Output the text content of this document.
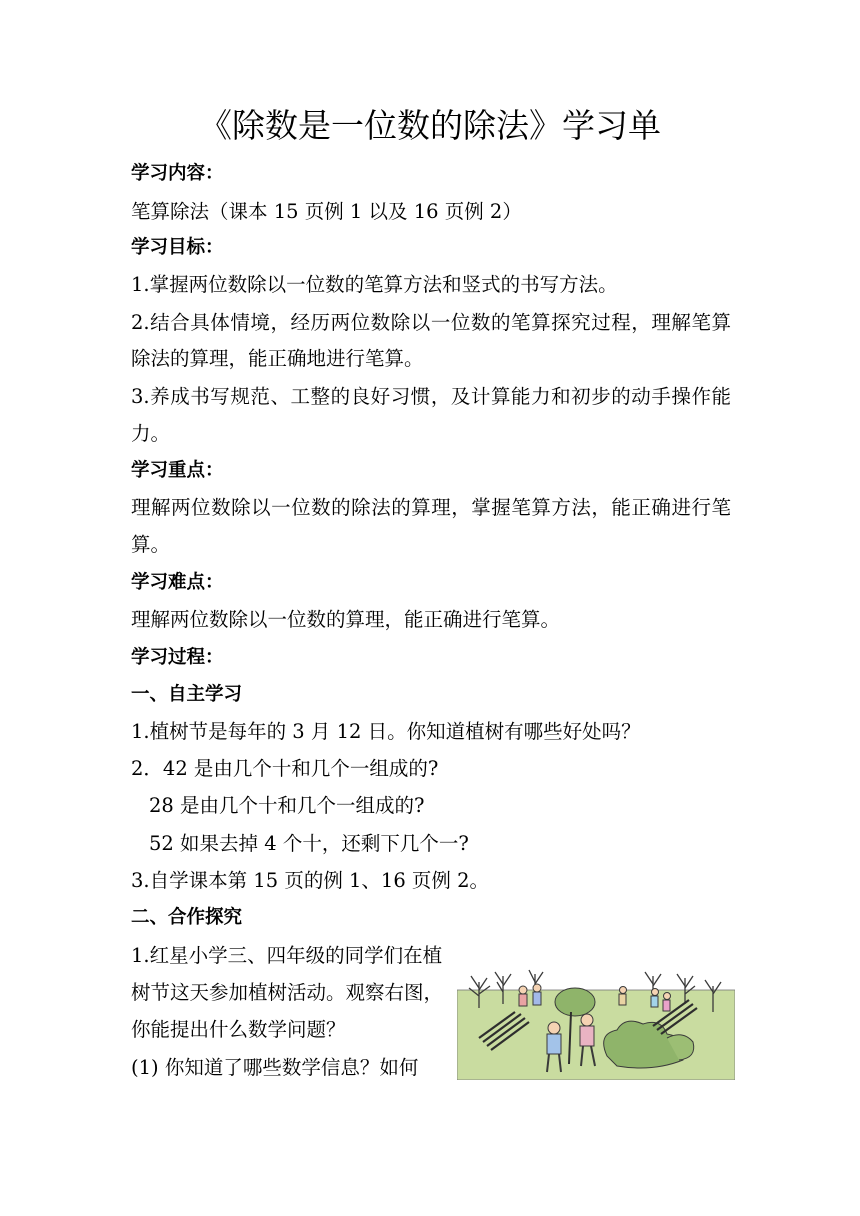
《除数是一位数的除法》学习单
学习内容：
笔算除法（课本 15 页例 1 以及 16 页例 2）
学习目标：
1.掌握两位数除以一位数的笔算方法和竖式的书写方法。
2.结合具体情境，经历两位数除以一位数的笔算探究过程，理解笔算
除法的算理，能正确地进行笔算。
3.养成书写规范、工整的良好习惯，及计算能力和初步的动手操作能
力。
学习重点：
理解两位数除以一位数的除法的算理，掌握笔算方法，能正确进行笔
算。
学习难点：
理解两位数除以一位数的算理，能正确进行笔算。
学习过程：
一、自主学习
1.植树节是每年的 3 月 12 日。你知道植树有哪些好处吗？
2．42 是由几个十和几个一组成的?
28 是由几个十和几个一组成的?
52 如果去掉 4 个十，还剩下几个一?
3.自学课本第 15 页的例 1、16 页例 2。
二、合作探究
1.红星小学三、四年级的同学们在植
树节这天参加植树活动。观察右图，
你能提出什么数学问题？
(1) 你知道了哪些数学信息？如何
